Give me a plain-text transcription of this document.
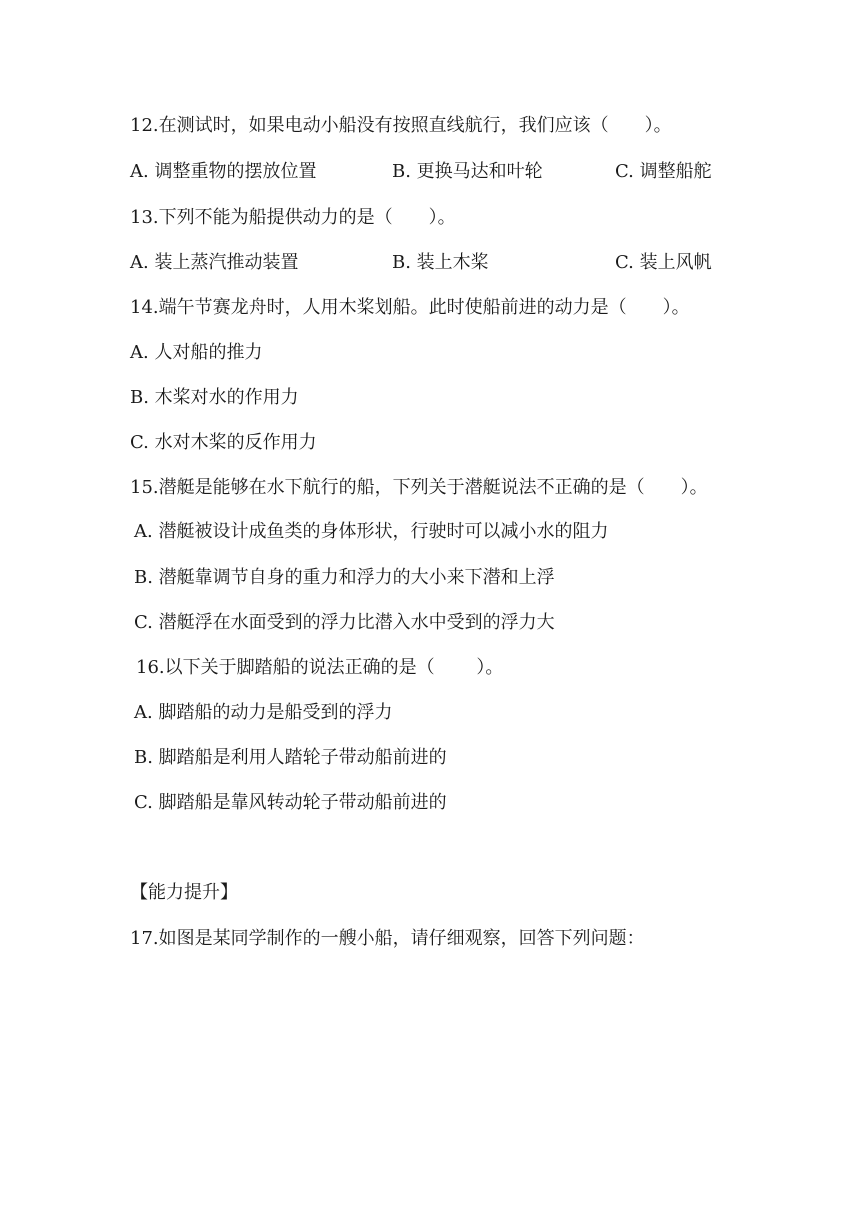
12.在测试时，如果电动小船没有按照直线航行，我们应该（　　）。
A. 调整重物的摆放位置	B. 更换马达和叶轮	C. 调整船舵
13.下列不能为船提供动力的是（　　）。
A. 装上蒸汽推动装置	B. 装上木桨	C. 装上风帆
14.端午节赛龙舟时，人用木桨划船。此时使船前进的动力是（　　）。
A. 人对船的推力
B. 木桨对水的作用力
C. 水对木桨的反作用力
15.潜艇是能够在水下航行的船，下列关于潜艇说法不正确的是（　　）。
A. 潜艇被设计成鱼类的身体形状，行驶时可以减小水的阻力
B. 潜艇靠调节自身的重力和浮力的大小来下潜和上浮
C. 潜艇浮在水面受到的浮力比潜入水中受到的浮力大
16.以下关于脚踏船的说法正确的是（　　 ）。
A. 脚踏船的动力是船受到的浮力
B. 脚踏船是利用人踏轮子带动船前进的
C. 脚踏船是靠风转动轮子带动船前进的
【能力提升】
17.如图是某同学制作的一艘小船，请仔细观察，回答下列问题：
